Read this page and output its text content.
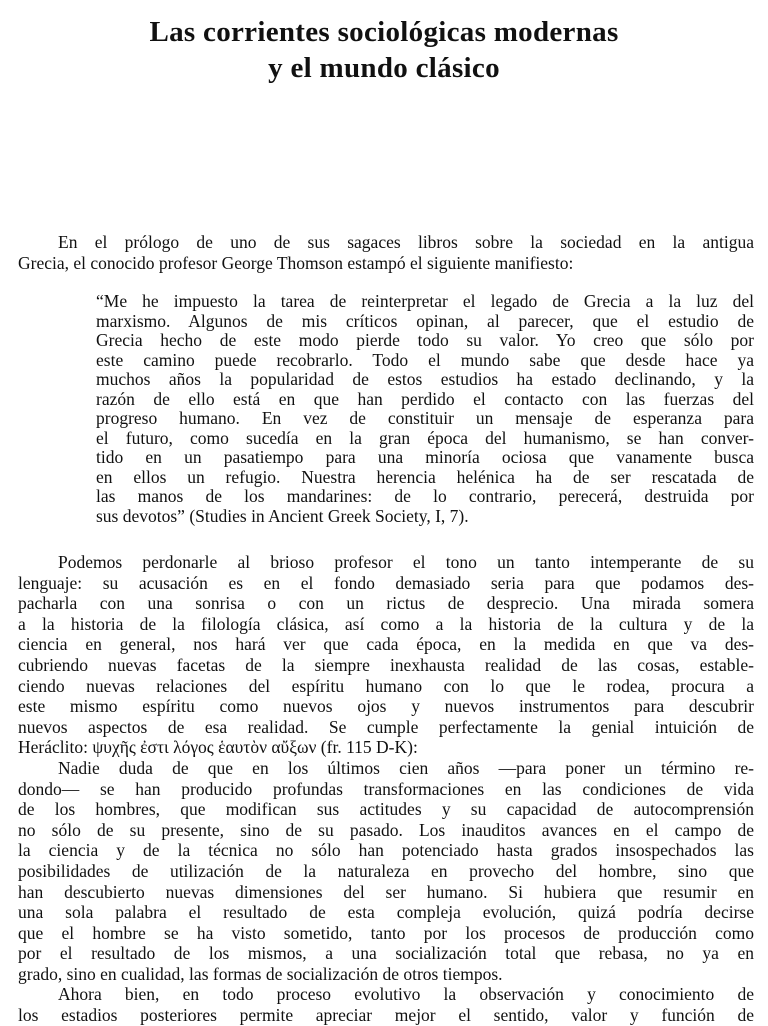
Las corrientes sociológicas modernas
y el mundo clásico
En el prólogo de uno de sus sagaces libros sobre la sociedad en la antigua
Grecia, el conocido profesor George Thomson estampó el siguiente manifiesto:
“Me he impuesto la tarea de reinterpretar el legado de Grecia a la luz del
marxismo. Algunos de mis críticos opinan, al parecer, que el estudio de
Grecia hecho de este modo pierde todo su valor. Yo creo que sólo por
este camino puede recobrarlo. Todo el mundo sabe que desde hace ya
muchos años la popularidad de estos estudios ha estado declinando, y la
razón de ello está en que han perdido el contacto con las fuerzas del
progreso humano. En vez de constituir un mensaje de esperanza para
el futuro, como sucedía en la gran época del humanismo, se han conver-
tido en un pasatiempo para una minoría ociosa que vanamente busca
en ellos un refugio. Nuestra herencia helénica ha de ser rescatada de
las manos de los mandarines: de lo contrario, perecerá, destruida por
sus devotos” (Studies in Ancient Greek Society, I, 7).
Podemos perdonarle al brioso profesor el tono un tanto intemperante de su
lenguaje: su acusación es en el fondo demasiado seria para que podamos des-
pacharla con una sonrisa o con un rictus de desprecio. Una mirada somera
a la historia de la filología clásica, así como a la historia de la cultura y de la
ciencia en general, nos hará ver que cada época, en la medida en que va des-
cubriendo nuevas facetas de la siempre inexhausta realidad de las cosas, estable-
ciendo nuevas relaciones del espíritu humano con lo que le rodea, procura a
este mismo espíritu como nuevos ojos y nuevos instrumentos para descubrir
nuevos aspectos de esa realidad. Se cumple perfectamente la genial intuición de
Heráclito: ψυχῆς ἐστι λόγος ἑαυτὸν αὔξων (fr. 115 D-K):
Nadie duda de que en los últimos cien años —para poner un término re-
dondo— se han producido profundas transformaciones en las condiciones de vida
de los hombres, que modifican sus actitudes y su capacidad de autocomprensión
no sólo de su presente, sino de su pasado. Los inauditos avances en el campo de
la ciencia y de la técnica no sólo han potenciado hasta grados insospechados las
posibilidades de utilización de la naturaleza en provecho del hombre, sino que
han descubierto nuevas dimensiones del ser humano. Si hubiera que resumir en
una sola palabra el resultado de esta compleja evolución, quizá podría decirse
que el hombre se ha visto sometido, tanto por los procesos de producción como
por el resultado de los mismos, a una socialización total que rebasa, no ya en
grado, sino en cualidad, las formas de socialización de otros tiempos.
Ahora bien, en todo proceso evolutivo la observación y conocimiento de
los estadios posteriores permite apreciar mejor el sentido, valor y función de
